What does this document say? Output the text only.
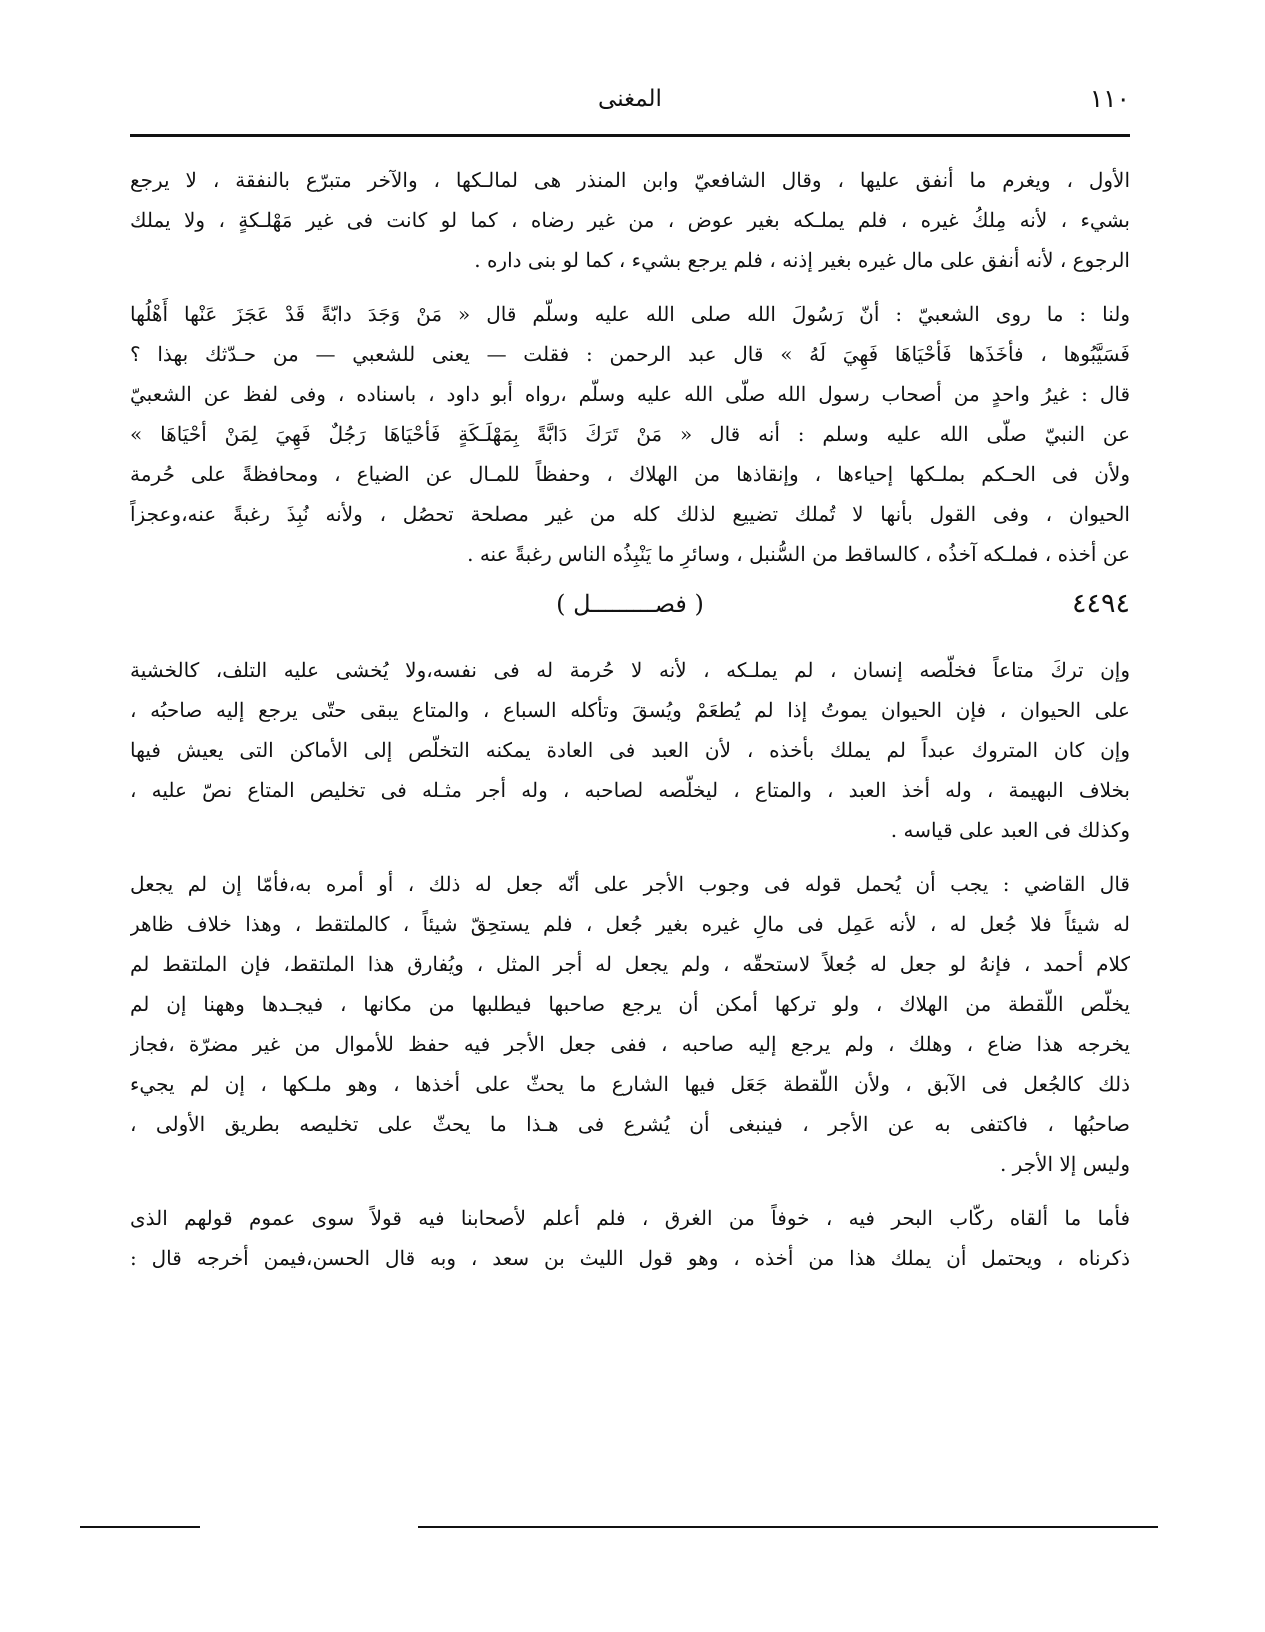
١١٠
المغنى
الأول ، ويغرم ما أنفق عليها ، وقال الشافعيّ وابن المنذر هى لمالـكها ، والآخر متبرّع بالنفقة ، لا يرجع
بشيء ، لأنه مِلكُ غيره ، فلم يملـكه بغير عوض ، من غير رضاه ، كما لو كانت فى غير مَهْلـكةٍ ، ولا يملك
الرجوع ، لأنه أنفق على مال غيره بغير إذنه ، فلم يرجع بشيء ، كما لو بنى داره .
ولنا : ما روى الشعبيّ : أنّ رَسُولَ الله صلى الله عليه وسلّم قال « مَنْ وَجَدَ دابّةً قَدْ عَجَزَ عَنْها أَهْلُها
فَسَيَّبُوها ، فأخَذَها فَأحْيَاهَا فَهِيَ لَهُ » قال عبد الرحمن : فقلت — يعنى للشعبي — من حـدّثك بهذا ؟
قال : غيرُ واحدٍ من أصحاب رسول الله صلّى الله عليه وسلّم ،رواه أبو داود ، باسناده ، وفى لفظ عن الشعبيّ
عن النبيّ صلّى الله عليه وسلم : أنه قال « مَنْ تَرَكَ دَابَّةً بِمَهْلَـكَةٍ فَأحْيَاهَا رَجُلٌ فَهِيَ لِمَنْ أحْيَاهَا »
ولأن فى الحـكم بملـكها إحياءها ، وإنقاذها من الهلاك ، وحفظاً للمـال عن الضياع ، ومحافظةً على حُرمة
الحيوان ، وفى القول بأنها لا تُملك تضييع لذلك كله من غير مصلحة تحصُل ، ولأنه نُبِذَ رغبةً عنه،وعجزاً
عن أخذه ، فملـكه آخذُه ، كالساقط من السُّنبل ، وسائرِ ما يَنْبِذُه الناس رغبةً عنه .
٤٤٩٤
( فصـــــــــل )
وإن تركَ متاعاً فخلّصه إنسان ، لم يملـكه ، لأنه لا حُرمة له فى نفسه،ولا يُخشى عليه التلف، كالخشية
على الحيوان ، فإن الحيوان يموتُ إذا لم يُطعَمْ ويُسقَ وتأكله السباع ، والمتاع يبقى حتّى يرجع إليه صاحبُه ،
وإن كان المتروك عبداً لم يملك بأخذه ، لأن العبد فى العادة يمكنه التخلّص إلى الأماكن التى يعيش فيها
بخلاف البهيمة ، وله أخذ العبد ، والمتاع ، ليخلّصه لصاحبه ، وله أجر مثـله فى تخليص المتاع نصّ عليه ،
وكذلك فى العبد على قياسه .
قال القاضي : يجب أن يُحمل قوله فى وجوب الأجر على أنّه جعل له ذلك ، أو أمره به،فأمّا إن لم يجعل
له شيئاً فلا جُعل له ، لأنه عَمِل فى مالِ غيره بغير جُعل ، فلم يستحِقّ شيئاً ، كالملتقط ، وهذا خلاف ظاهر
كلام أحمد ، فإنهُ لو جعل له جُعلاً لاستحقّه ، ولم يجعل له أجر المثل ، ويُفارق هذا الملتقط، فإن الملتقط لم
يخلّص اللّقطة من الهلاك ، ولو تركها أمكن أن يرجع صاحبها فيطلبها من مكانها ، فيجـدها وههنا إن لم
يخرجه هذا ضاع ، وهلك ، ولم يرجع إليه صاحبه ، ففى جعل الأجر فيه حفظ للأموال من غير مضرّة ،فجاز
ذلك كالجُعل فى الآبق ، ولأن اللّقطة جَعَل فيها الشارع ما يحثّ على أخذها ، وهو ملـكها ، إن لم يجيء
صاحبُها ، فاكتفى به عن الأجر ، فينبغى أن يُشرع فى هـذا ما يحثّ على تخليصه بطريق الأولى ،
وليس إلا الأجر .
فأما ما ألقاه ركّاب البحر فيه ، خوفاً من الغرق ، فلم أعلم لأصحابنا فيه قولاً سوى عموم قولهم الذى
ذكرناه ، ويحتمل أن يملك هذا من أخذه ، وهو قول الليث بن سعد ، وبه قال الحسن،فيمن أخرجه قال :
